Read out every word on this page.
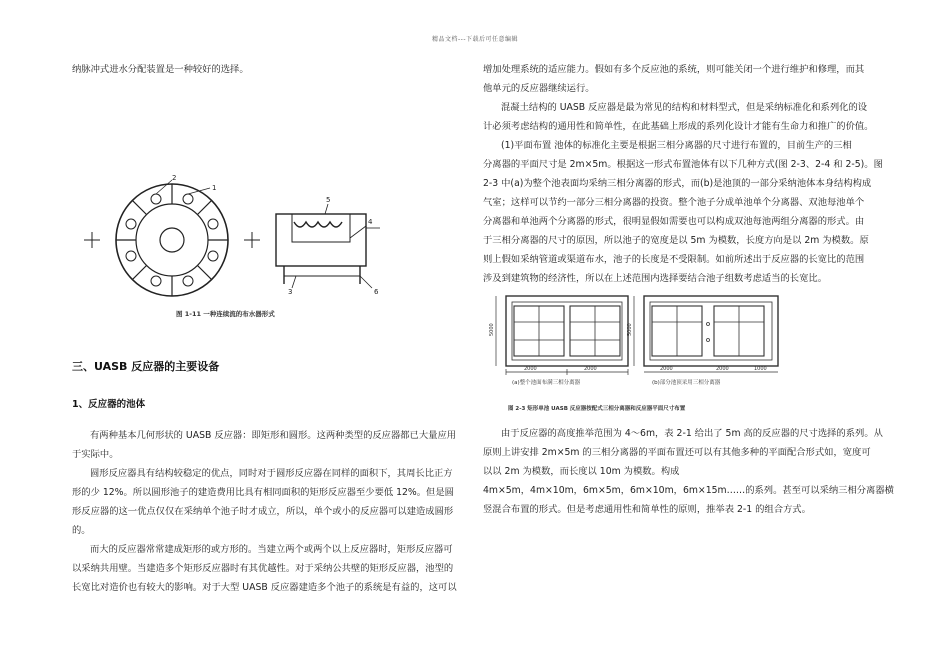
精品文档---下载后可任意编辑
纳脉冲式进水分配装置是一种较好的选择。
2
1
5
4
3	6
图 1-11 一种连续流的布水器形式
三、UASB 反应器的主要设备
1、反应器的池体
有两种基本几何形状的 UASB 反应器：即矩形和圆形。这两种类型的反应器都已大量应用
于实际中。
圆形反应器具有结构较稳定的优点，同时对于圆形反应器在同样的面积下，其周长比正方
形的少 12%。所以圆形池子的建造费用比具有相同面积的矩形反应器至少要低 12%。但是圆
形反应器的这一优点仅仅在采纳单个池子时才成立，所以，单个或小的反应器可以建造成圆形
的。
而大的反应器常常建成矩形的或方形的。当建立两个或两个以上反应器时，矩形反应器可
以采纳共用壁。当建造多个矩形反应器时有其优越性。对于采纳公共壁的矩形反应器，池型的
长宽比对造价也有较大的影响。对于大型 UASB 反应器建造多个池子的系统是有益的，这可以
增加处理系统的适应能力。假如有多个反应池的系统，则可能关闭一个进行维护和修理，而其
他单元的反应器继续运行。
混凝土结构的 UASB 反应器是最为常见的结构和材料型式，但是采纳标准化和系列化的设
计必须考虑结构的通用性和简单性，在此基础上形成的系列化设计才能有生命力和推广的价值。
(1)平面布置 池体的标准化主要是根据三相分离器的尺寸进行布置的，目前生产的三相
分离器的平面尺寸是 2m×5m。根据这一形式布置池体有以下几种方式(图 2-3、2-4 和 2-5)。图
2-3 中(a)为整个池表面均采纳三相分离器的形式，而(b)是池顶的一部分采纳池体本身结构构成
气室；这样可以节约一部分三相分离器的投资。整个池子分成单池单个分离器、双池每池单个
分离器和单池两个分离器的形式，很明显假如需要也可以构成双池每池两组分离器的形式。由
于三相分离器的尺寸的原因，所以池子的宽度是以 5m 为模数，长度方向是以 2m 为模数。原
则上假如采纳管道或渠道布水，池子的长度是不受限制。如前所述出于反应器的长宽比的范围
涉及到建筑物的经济性，所以在上述范围内选择要结合池子组数考虑适当的长宽比。
5000
2000	2000
5000
2000	2000	1000
(a)整个池面布满三相分离器	(b)部分池顶采用三相分离器
图 2-3 矩形单池 UASB 反应器按配式三相分离器和反应器平面尺寸布置
由于反应器的高度推举范围为 4～6m，表 2-1 给出了 5m 高的反应器的尺寸选择的系列。从
原则上讲安排 2m×5m 的三相分离器的平面布置还可以有其他多种的平面配合形式如，宽度可
以以 2m 为模数，而长度以 10m 为模数。构成
4m×5m，4m×10m，6m×5m，6m×10m，6m×15m……的系列。甚至可以采纳三相分离器横
竖混合布置的形式。但是考虑通用性和简单性的原则，推举表 2-1 的组合方式。
